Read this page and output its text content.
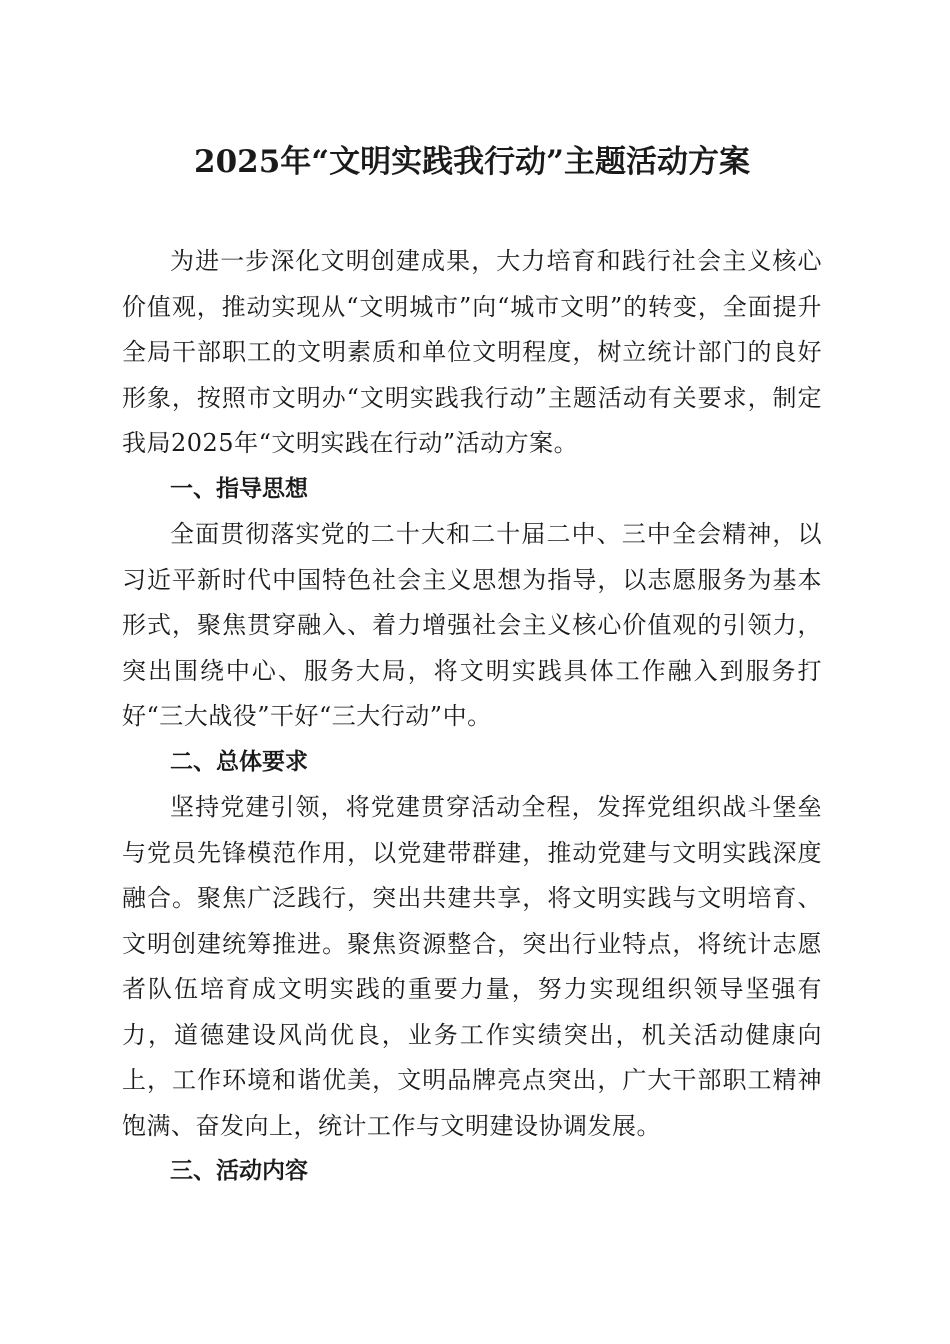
2025年“文明实践我行动”主题活动方案

为进一步深化文明创建成果，大力培育和践行社会主义核心价值观，推动实现从“文明城市”向“城市文明”的转变，全面提升全局干部职工的文明素质和单位文明程度，树立统计部门的良好形象，按照市文明办“文明实践我行动”主题活动有关要求，制定我局2025年“文明实践在行动”活动方案。

一、指导思想

全面贯彻落实党的二十大和二十届二中、三中全会精神，以习近平新时代中国特色社会主义思想为指导，以志愿服务为基本形式，聚焦贯穿融入、着力增强社会主义核心价值观的引领力，突出围绕中心、服务大局，将文明实践具体工作融入到服务打好“三大战役”干好“三大行动”中。

二、总体要求

坚持党建引领，将党建贯穿活动全程，发挥党组织战斗堡垒与党员先锋模范作用，以党建带群建，推动党建与文明实践深度融合。聚焦广泛践行，突出共建共享，将文明实践与文明培育、文明创建统筹推进。聚焦资源整合，突出行业特点，将统计志愿者队伍培育成文明实践的重要力量，努力实现组织领导坚强有力，道德建设风尚优良，业务工作实绩突出，机关活动健康向上，工作环境和谐优美，文明品牌亮点突出，广大干部职工精神饱满、奋发向上，统计工作与文明建设协调发展。

三、活动内容
